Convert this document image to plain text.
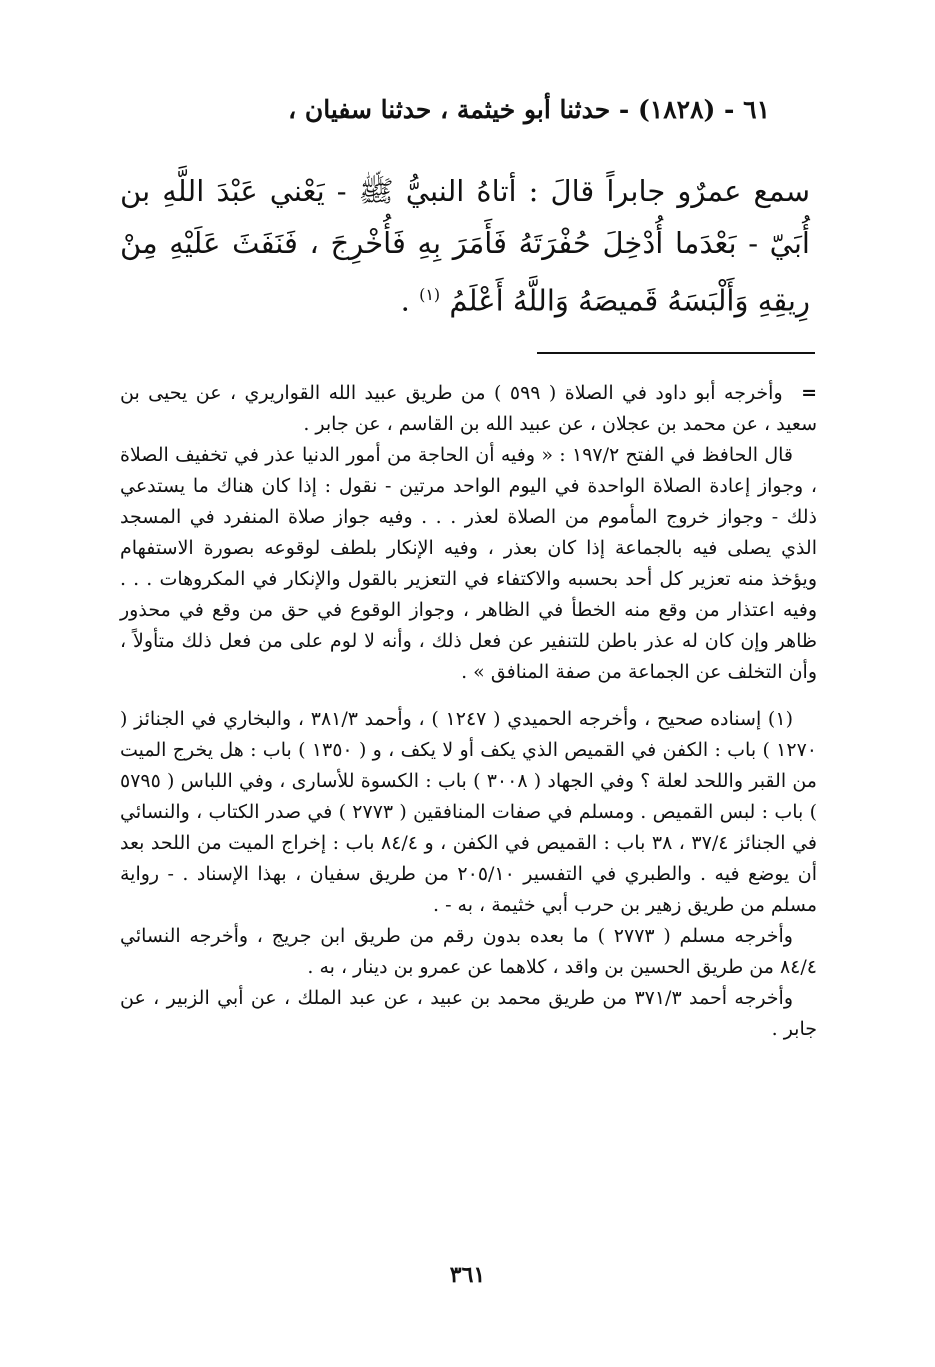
٦١ - (١٨٢٨) - حدثنا أبو خيثمة ، حدثنا سفيان ،
سمع عمرٌو جابراً قالَ : أتاهُ النبيُّ ﷺ - يَعْني عَبْدَ اللَّهِ بن أُبَيّ - بَعْدَما أُدْخِلَ حُفْرَتَهُ فَأَمَرَ بِهِ فَأُخْرِجَ ، فَنَفَثَ عَلَيْهِ مِنْ رِيقِهِ وَأَلْبَسَهُ قَميصَهُ وَاللَّهُ أَعْلَمُ $^{(١)}$ .

= وأخرجه أبو داود في الصلاة ( ٥٩٩ ) من طريق عبيد الله القواريري ، عن يحيى بن سعيد ، عن محمد بن عجلان ، عن عبيد الله بن القاسم ، عن جابر .

قال الحافظ في الفتح ١٩٧/٢ : « وفيه أن الحاجة من أمور الدنيا عذر في تخفيف الصلاة ، وجواز إعادة الصلاة الواحدة في اليوم الواحد مرتين - نقول : إذا كان هناك ما يستدعي ذلك - وجواز خروج المأموم من الصلاة لعذر . . . وفيه جواز صلاة المنفرد في المسجد الذي يصلى فيه بالجماعة إذا كان بعذر ، وفيه الإنكار بلطف لوقوعه بصورة الاستفهام ويؤخذ منه تعزير كل أحد بحسبه والاكتفاء في التعزير بالقول والإنكار في المكروهات . . . وفيه اعتذار من وقع منه الخطأ في الظاهر ، وجواز الوقوع في حق من وقع في محذور ظاهر وإن كان له عذر باطن للتنفير عن فعل ذلك ، وأنه لا لوم على من فعل ذلك متأولاً ، وأن التخلف عن الجماعة من صفة المنافق » .

(١) إسناده صحيح ، وأخرجه الحميدي ( ١٢٤٧ ) ، وأحمد ٣٨١/٣ ، والبخاري في الجنائز ( ١٢٧٠ ) باب : الكفن في القميص الذي يكف أو لا يكف ، و ( ١٣٥٠ ) باب : هل يخرج الميت من القبر واللحد لعلة ؟ وفي الجهاد ( ٣٠٠٨ ) باب : الكسوة للأسارى ، وفي اللباس ( ٥٧٩٥ ) باب : لبس القميص . ومسلم في صفات المنافقين ( ٢٧٧٣ ) في صدر الكتاب ، والنسائي في الجنائز ٣٧/٤ ، ٣٨ باب : القميص في الكفن ، و ٨٤/٤ باب : إخراج الميت من اللحد بعد أن يوضع فيه . والطبري في التفسير ٢٠٥/١٠ من طريق سفيان ، بهذا الإسناد . - رواية مسلم من طريق زهير بن حرب أبي خثيمة ، به - .

وأخرجه مسلم ( ٢٧٧٣ ) ما بعده بدون رقم من طريق ابن جريج ، وأخرجه النسائي ٨٤/٤ من طريق الحسين بن واقد ، كلاهما عن عمرو بن دينار ، به .

وأخرجه أحمد ٣٧١/٣ من طريق محمد بن عبيد ، عن عبد الملك ، عن أبي الزبير ، عن جابر .

٣٦١
